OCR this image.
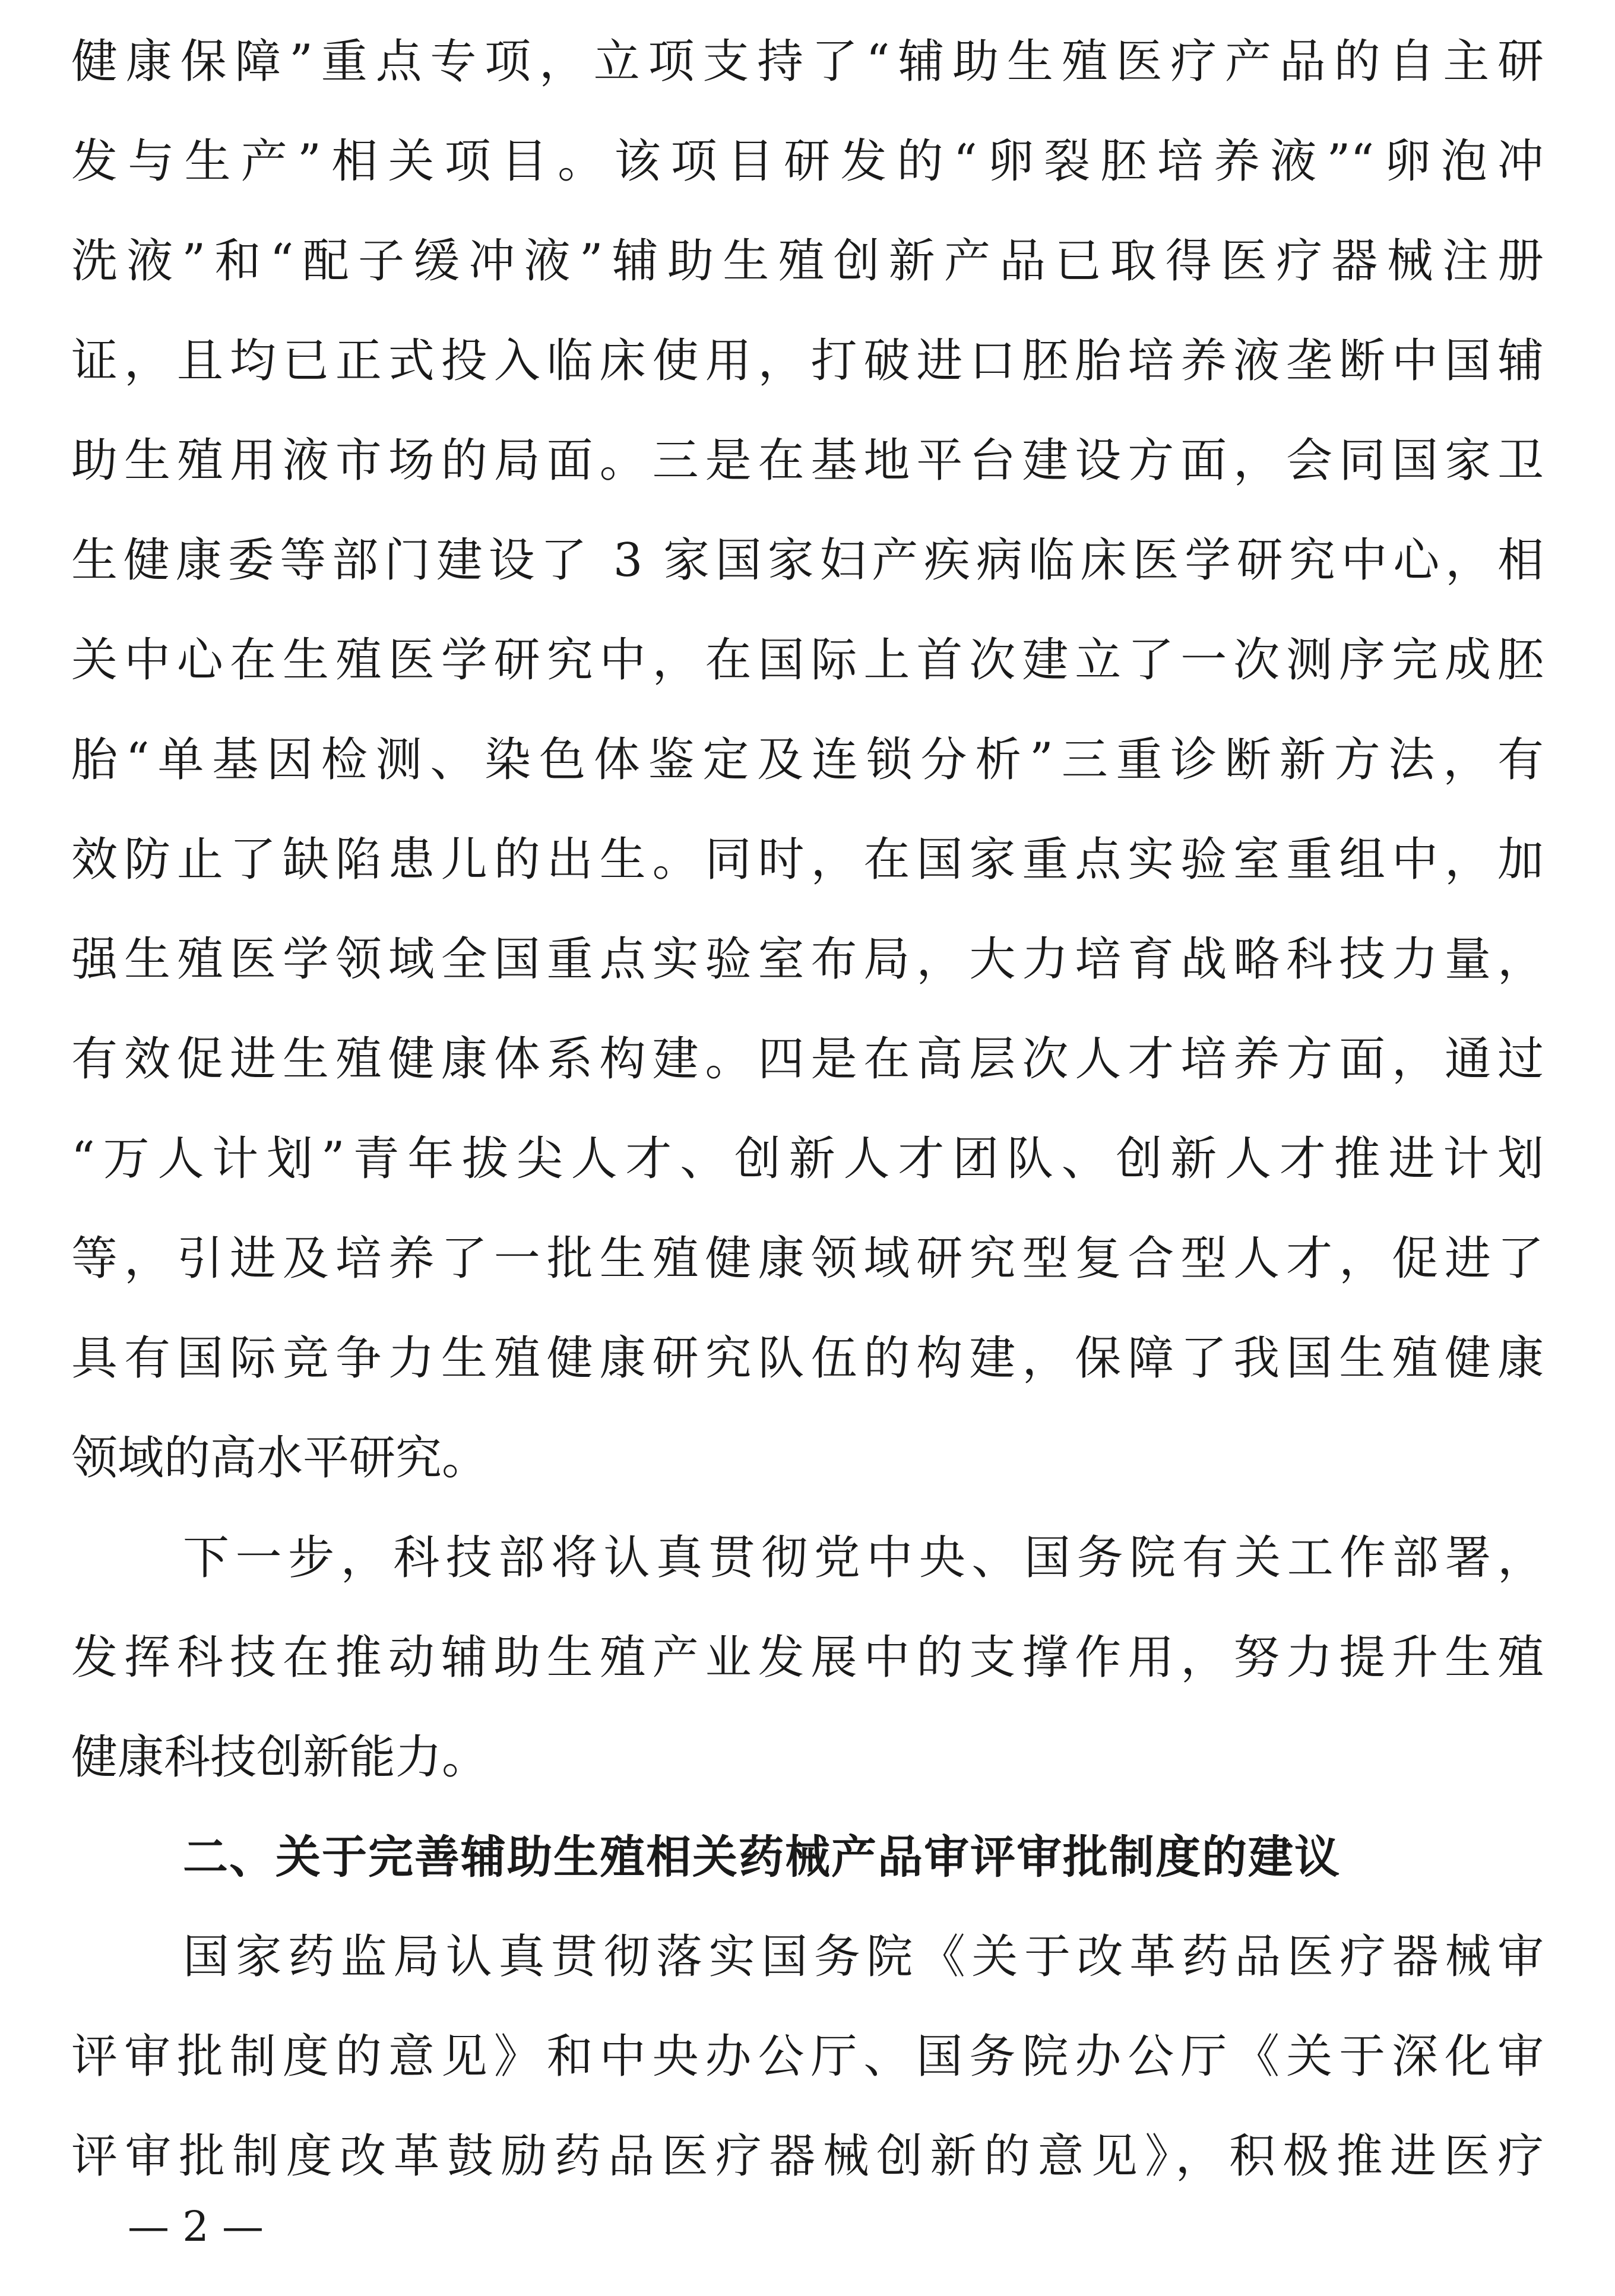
健康保障”重点专项，立项支持了“辅助生殖医疗产品的自主研
发与生产”相关项目。该项目研发的“卵裂胚培养液”“卵泡冲
洗液”和“配子缓冲液”辅助生殖创新产品已取得医疗器械注册
证，且均已正式投入临床使用，打破进口胚胎培养液垄断中国辅
助生殖用液市场的局面。三是在基地平台建设方面，会同国家卫
生健康委等部门建设了 3 家国家妇产疾病临床医学研究中心，相
关中心在生殖医学研究中，在国际上首次建立了一次测序完成胚
胎“单基因检测、染色体鉴定及连锁分析”三重诊断新方法，有
效防止了缺陷患儿的出生。同时，在国家重点实验室重组中，加
强生殖医学领域全国重点实验室布局，大力培育战略科技力量，
有效促进生殖健康体系构建。四是在高层次人才培养方面，通过
“万人计划”青年拔尖人才、创新人才团队、创新人才推进计划
等，引进及培养了一批生殖健康领域研究型复合型人才，促进了
具有国际竞争力生殖健康研究队伍的构建，保障了我国生殖健康
领域的高水平研究。
下一步，科技部将认真贯彻党中央、国务院有关工作部署，
发挥科技在推动辅助生殖产业发展中的支撑作用，努力提升生殖
健康科技创新能力。
二、关于完善辅助生殖相关药械产品审评审批制度的建议
国家药监局认真贯彻落实国务院《关于改革药品医疗器械审
评审批制度的意见》和中央办公厅、国务院办公厅《关于深化审
评审批制度改革鼓励药品医疗器械创新的意见》，积极推进医疗
— 2 —
